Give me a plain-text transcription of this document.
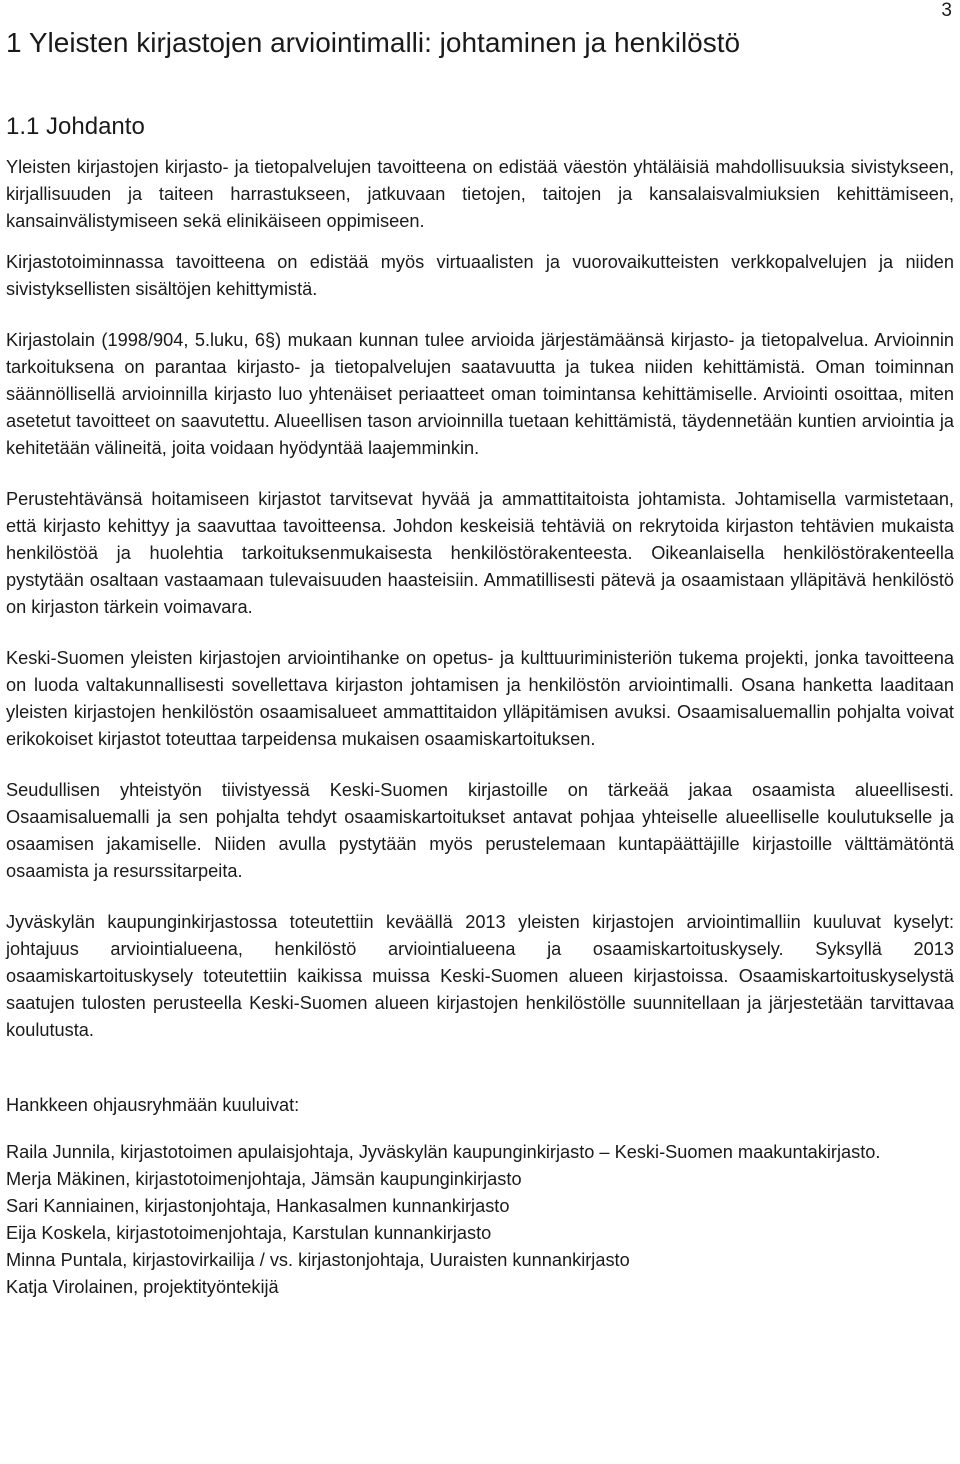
3
1 Yleisten kirjastojen arviointimalli: johtaminen ja henkilöstö
1.1 Johdanto

Yleisten kirjastojen kirjasto- ja tietopalvelujen tavoitteena on edistää väestön yhtäläisiä mahdollisuuksia sivistykseen, kirjallisuuden ja taiteen harrastukseen, jatkuvaan tietojen, taitojen ja kansalaisvalmiuksien kehittämiseen, kansainvälistymiseen sekä elinikäiseen oppimiseen.

Kirjastotoiminnassa tavoitteena on edistää myös virtuaalisten ja vuorovaikutteisten verkkopalvelujen ja niiden sivistyksellisten sisältöjen kehittymistä.

Kirjastolain (1998/904, 5.luku, 6§) mukaan kunnan tulee arvioida järjestämäänsä kirjasto- ja tietopalvelua. Arvioinnin tarkoituksena on parantaa kirjasto- ja tietopalvelujen saatavuutta ja tukea niiden kehittämistä. Oman toiminnan säännöllisellä arvioinnilla kirjasto luo yhtenäiset periaatteet oman toimintansa kehittämiselle. Arviointi osoittaa, miten asetetut tavoitteet on saavutettu. Alueellisen tason arvioinnilla tuetaan kehittämistä, täydennetään kuntien arviointia ja kehitetään välineitä, joita voidaan hyödyntää laajemminkin.

Perustehtävänsä hoitamiseen kirjastot tarvitsevat hyvää ja ammattitaitoista johtamista. Johtamisella varmistetaan, että kirjasto kehittyy ja saavuttaa tavoitteensa. Johdon keskeisiä tehtäviä on rekrytoida kirjaston tehtävien mukaista henkilöstöä ja huolehtia tarkoituksenmukaisesta henkilöstörakenteesta. Oikeanlaisella henkilöstörakenteella pystytään osaltaan vastaamaan tulevaisuuden haasteisiin. Ammatillisesti pätevä ja osaamistaan ylläpitävä henkilöstö on kirjaston tärkein voimavara.

Keski-Suomen yleisten kirjastojen arviointihanke on opetus- ja kulttuuriministeriön tukema projekti, jonka tavoitteena on luoda valtakunnallisesti sovellettava kirjaston johtamisen ja henkilöstön arviointimalli. Osana hanketta laaditaan yleisten kirjastojen henkilöstön osaamisalueet ammattitaidon ylläpitämisen avuksi. Osaamisaluemallin pohjalta voivat erikokoiset kirjastot toteuttaa tarpeidensa mukaisen osaamiskartoituksen.

Seudullisen yhteistyön tiivistyessä Keski-Suomen kirjastoille on tärkeää jakaa osaamista alueellisesti. Osaamisaluemalli ja sen pohjalta tehdyt osaamiskartoitukset antavat pohjaa yhteiselle alueelliselle koulutukselle ja osaamisen jakamiselle. Niiden avulla pystytään myös perustelemaan kuntapäättäjille kirjastoille välttämätöntä osaamista ja resurssitarpeita.

Jyväskylän kaupunginkirjastossa toteutettiin keväällä 2013 yleisten kirjastojen arviointimalliin kuuluvat kyselyt: johtajuus arviointialueena, henkilöstö arviointialueena ja osaamiskartoituskysely. Syksyllä 2013 osaamiskartoituskysely toteutettiin kaikissa muissa Keski-Suomen alueen kirjastoissa. Osaamiskartoituskyselystä saatujen tulosten perusteella Keski-Suomen alueen kirjastojen henkilöstölle suunnitellaan ja järjestetään tarvittavaa koulutusta.

Hankkeen ohjausryhmään kuuluivat:

Raila Junnila, kirjastotoimen apulaisjohtaja, Jyväskylän kaupunginkirjasto – Keski-Suomen maakuntakirjasto.
Merja Mäkinen, kirjastotoimenjohtaja, Jämsän kaupunginkirjasto
Sari Kanniainen, kirjastonjohtaja, Hankasalmen kunnankirjasto
Eija Koskela, kirjastotoimenjohtaja, Karstulan kunnankirjasto
Minna Puntala, kirjastovirkailija / vs. kirjastonjohtaja, Uuraisten kunnankirjasto
Katja Virolainen, projektityöntekijä
